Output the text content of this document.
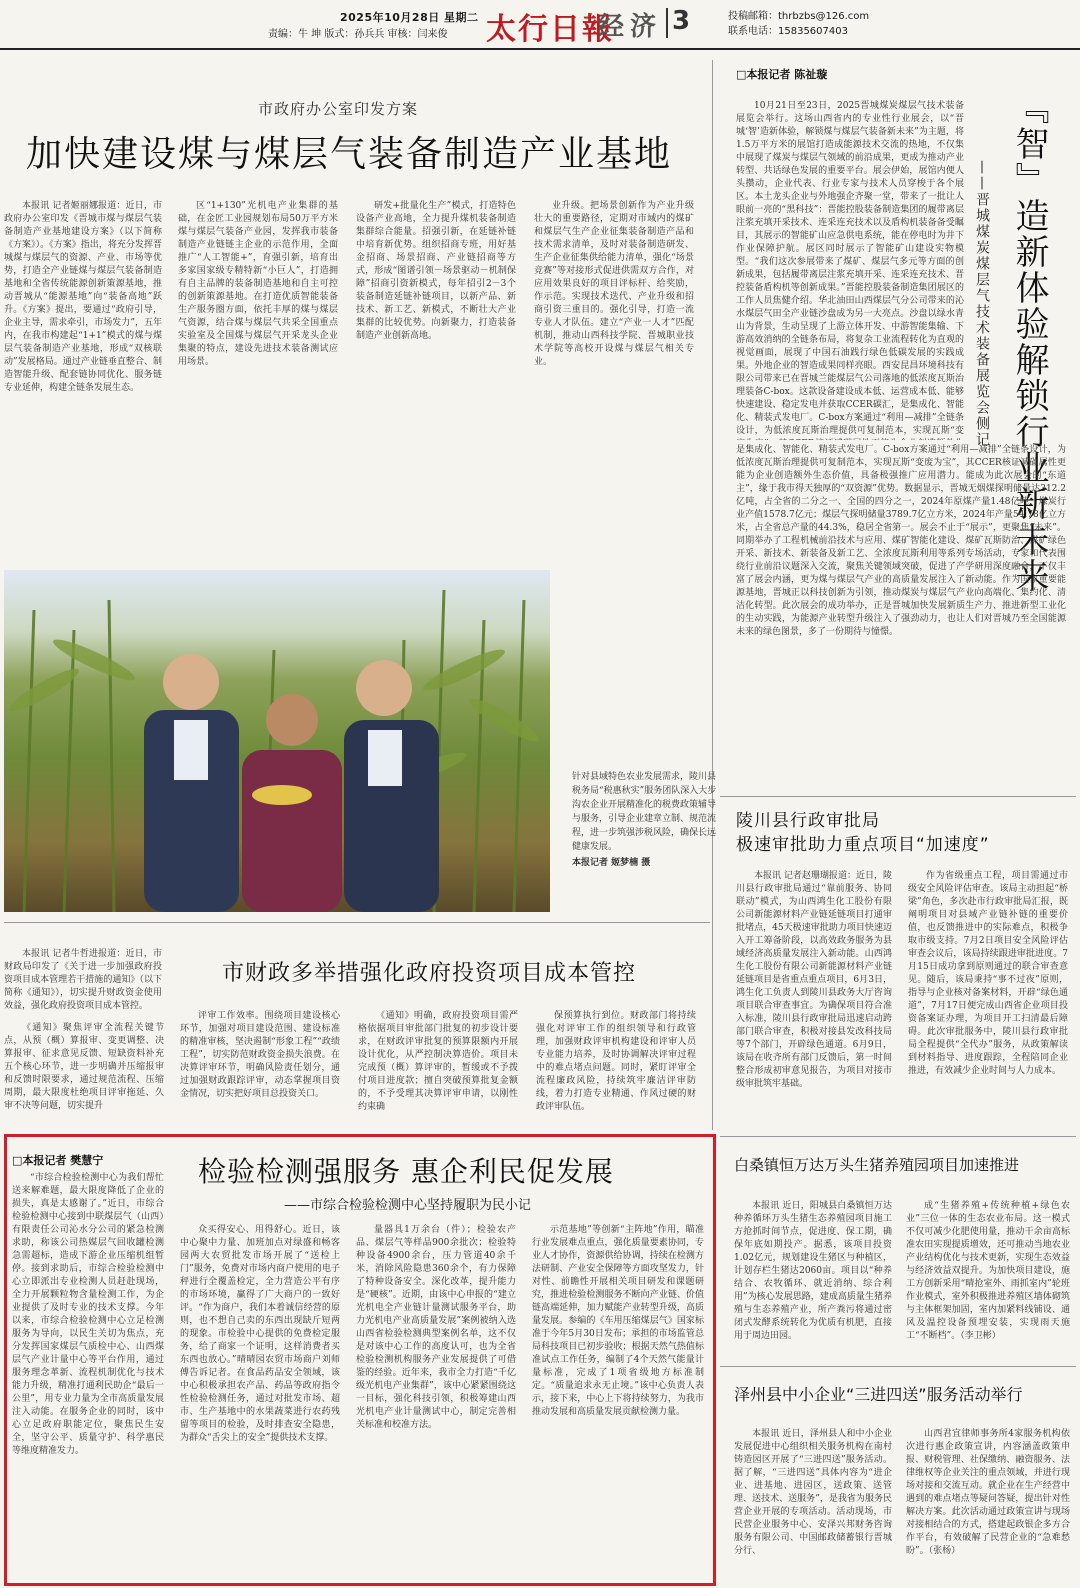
2025年10月28日 星期二
责编：牛 坤 版式：孙兵兵 审核：闫来俊 太行日報
经济 3	投稿邮箱：thrbzbs@126.com
联系电话：15835607403
市政府办公室印发方案
加快建设煤与煤层气装备制造产业基地

本报讯 记者姬丽娜报道：近日，市政府办公室印发《晋城市煤与煤层气装备制造产业基地建设方案》（以下简称《方案》）。《方案》指出，将充分发挥晋城煤与煤层气的资源、产业、市场等优势，打造全产业链煤与煤层气装备制造基地和全省传统能源创新策源基地，推动晋城从“能源基地”向“装备高地”跃升。《方案》提出，要通过“政府引导，企业主导，需求牵引，市场发力”，五年内，在我市构建起“1+1”模式的煤与煤层气装备制造产业基地，形成“双核联动”发展格局。通过产业链垂直整合、制造智能升级、配套链协同优化、服务链专业延伸，构建全链条发展生态。

区“1+130”光机电产业集群的基础，在金匠工业园规划布局50万平方米煤与煤层气装备产业园，发挥我市装备制造产业链链主企业的示范作用，全面推广“人工智能+”，育强引新，培育出多家国家级专精特新“小巨人”，打造拥有自主品牌的装备制造基地和自主可控的创新策源基地。在打造优质智能装备生产服务圈方面，依托丰厚的煤与煤层气资源，结合煤与煤层气共采全国重点实验室及全国煤与煤层气开采龙头企业集聚的特点，建设先进技术装备测试应用场景。

研发+批量化生产”模式，打造特色设备产业高地，全力提升煤机装备制造集群综合能量。招强引新，在延链补链中培育新优势。组织招商专班，用好基金招商、场景招商、产业链招商等方式，形成“图谱引领－场景驱动－机制保障”招商引资新模式，每年招引2－3个装备制造延链补链项目，以新产品、新技术、新工艺、新模式，不断壮大产业集群的比较优势。向新聚力，打造装备制造产业创新高地。

业升级。把场景创新作为产业升级壮大的重要路径，定期对市域内的煤矿和煤层气生产企业征集装备制造产品和技术需求清单，及时对装备制造研发、生产企业征集供给能力清单，强化“场景竞赛”等对接形式促进供需双方合作，对应用效果良好的项目评标杆、给奖励，作示范。实现技术迭代、产业升级和招商引资三重目的。强化引导，打造一流专业人才队伍。建立“产业一人才”匹配机制，推动山西科技学院、晋城职业技术学院等高校开设煤与煤层气相关专业。

针对县域特色农业发展需求，陵川县税务局“税惠秋实”服务团队深入大步沟农企业开展精准化的税费政策辅导与服务，引导企业建章立制、规范流程，进一步筑强涉税风险，确保长远健康发展。
本报记者 姬梦楠 摄
□本报记者 陈祉璇
『智』造新体验解锁行业新未来
——晋城煤炭煤层气技术装备展览会侧记

10月21日至23日，2025晋城煤炭煤层气技术装备展览会举行。这场山西省内的专业性行业展会，以“晋城‘智’造新体验，解锁煤与煤层气装备新未来”为主题，将1.5万平方米的展馆打造成能源技术交流的热地，不仅集中展现了煤炭与煤层气领域的前沿成果，更成为推动产业转型、共话绿色发展的重要平台。展会伊始，展馆内便人头攒动，企业代表、行业专家与技术人员穿梭于各个展区。本土龙头企业与外地强企齐聚一堂，带来了一批让人眼前一亮的“黑科技”：晋能控股装备制造集团的履带离层注浆充填开采技术、连采连充技术以及盾构机装备备受瞩目，其展示的智能矿山应急供电系统，能在停电时为井下作业保障护航。展区同时展示了智能矿山建设实物模型。“我们这次参展带来了煤矿、煤层气多元等方面的创新成果，包括履带离层注浆充填开采、连采连充技术、晋控装备盾构机等创新成果。”晋能控股装备制造集团展区的工作人员焦健介绍。华北油田山西煤层气分公司带来的沁水煤层气田全产业链沙盘成为另一大亮点。沙盘以绿水青山为背景，生动呈现了上游立体开发、中游智能集输、下游高效消纳的全链条布局，将复杂工业流程转化为直观的视觉画面，展现了中国石油践行绿色低碳发展的实践成果。外地企业的智造成果同样亮眼。西安昆昌环境科技有限公司带来已在晋城兰能煤层气公司落地的低浓度瓦斯治理装备C-box。这款设备建设成本低、运营成本低、能够快速建设、稳定发电并获取CCER碳汇，是集成化、智能化、精装式发电厂。C-box方案通过“利用—减排”全链条设计，为低浓度瓦斯治理提供可复制范本，实现瓦斯“变

是集成化、智能化、精装式发电厂。C-box方案通过“利用—减排”全链条设计，为低浓度瓦斯治理提供可复制范本，实现瓦斯“变废为宝”，其CCER核证减碳属性更能为企业创造额外生态价值，具备极强推广应用潜力。能成为此次展会的“东道主”，缘于我市得天独厚的“双资源”优势。数据显示，晋城无烟煤探明储量达312.2亿吨，占全省的二分之一、全国的四分之一，2024年原煤产量1.48亿吨，煤炭行业产值1578.7亿元；煤层气探明储量3789.7亿立方米，2024年产量54.78亿立方米，占全省总产量的44.3%，稳居全省第一。展会不止于“展示”，更聚焦“未来”。同期举办了工程机械前沿技术与应用、煤矿智能化建设、煤矿瓦斯防治、煤矿绿色开采、新技术、新装备及新工艺、全浓度瓦斯利用等系列专场活动，专家和代表围绕行业前沿议题深入交流，聚焦关键领域突破，促进了产学研用深度融合，不仅丰富了展会内涵，更为煤与煤层气产业的高质量发展注入了新动能。作为国家重要能源基地，晋城正以科技创新为引领，推动煤炭与煤层气产业向高端化、集约化、清洁化转型。此次展会的成功举办，正是晋城加快发展新质生产力、推进新型工业化的生动实践，为能源产业转型升级注入了强劲动力，也让人们对晋城乃至全国能源未来的绿色图景，多了一份期待与憧憬。

陵川县行政审批局
极速审批助力重点项目“加速度”

本报讯 记者赵珊瑚报道：近日，陵川县行政审批局通过“靠前服务、协同联动”模式，为山西鸿生化工股份有限公司新能源材料产业链延链项目打通审批堵点，45天极速审批助力项目快速迈入开工筹备阶段，以高效政务服务为县域经济高质量发展注入新动能。山西鸿生化工股份有限公司新能源材料产业链延链项目是省重点重点项目，6月3日，鸿生化工负责人到陵川县政务大厅咨询项目联合审查事宜。为确保项目符合准入标准，陵川县行政审批局迅速启动跨部门联合审查，积极对接县发改科技局等7个部门，开辟绿色通道。6月9日，该局在收齐所有部门反馈后，第一时间整合形成初审意见报告，为项目对接市级审批筑牢基础。

作为省级重点工程，项目需通过市级安全风险评估审查。该局主动担起“桥梁”角色，多次赴市行政审批局汇报，既阐明项目对县域产业链补链的重要价值，也反馈推进中的实际难点，积极争取市级支持。7月2日项目安全风险评估审查会议后，该局持续跟进审批进度。7月15日成功拿到原则通过的联合审查意见。随后，该局秉持“事不过夜”原则，指导与企业核对备案材料，开辟“绿色通道”，7月17日便完成山西省企业项目投资备案证办理，为项目开工扫清最后障碍。此次审批服务中，陵川县行政审批局全程提供“全代办”服务，从政策解读到材料指导、进度跟踪，全程陪同企业推进，有效减少企业时间与人力成本。

本报讯 记者牛哲进报道：近日，市财政局印发了《关于进一步加强政府投资项目成本管理若干措施的通知》（以下简称《通知》），切实提升财政资金使用效益，强化政府投资项目成本管控。

市财政多举措强化政府投资项目成本管控

《通知》聚焦评审全流程关键节点，从预（概）算报审、变更调整、决算报审、征求意见反馈、短缺资料补充五个核心环节，进一步明确并压缩报审和反馈时限要求，通过规范流程、压缩周期，最大限度杜绝项目评审拖延、久审不决等问题，切实提升

评审工作效率。围绕项目建设核心环节，加强对项目建设范围、建设标准的精准审核，坚决遏制“形象工程”“政绩工程”，切实防范财政资金损失浪费。在决算评审环节，明确风险责任划分，通过加强财政跟踪评审，动态掌握项目资金情况，切实把好项目总投资关口。

《通知》明确，政府投资项目需严格依据项目审批部门批复的初步设计要求，在财政评审批复的预算限额内开展设计优化，从严控制决算造价。项目未完成预（概）算评审的，暂缓或不予拨付项目进度款；擅自突破预算批复金额的，不予受理其决算评审申请，以刚性约束确

保预算执行到位。财政部门将持续强化对评审工作的组织领导和行政管理，加强财政评审机构建设和评审人员专业能力培养，及时协调解决评审过程中的难点堵点问题。同时，紧盯评审全流程廉政风险，持续筑牢廉洁评审防线，着力打造专业精通、作风过硬的财政评审队伍。

□本报记者 樊慧宁	检验检测强服务 惠企利民促发展
——市综合检验检测中心坚持履职为民小记

“市综合检验检测中心为我们帮忙送来解难题，最大限度降低了企业的损失，真是太感谢了。”近日，市综合检验检测中心接到中联煤层气（山西）有限责任公司沁水分公司的紧急检测求助，称该公司热媒层气回收罐检测急需超标，造成下游企业压缩机组暂停。接到求助后，市综合检验检测中心立即派出专业检测人员赶赴现场，全力开展颗粒物含量检测工作，为企业提供了及时专业的技术支撑。今年以来，市综合检验检测中心立足检测服务为导向，以民生关切为焦点，充分发挥国家煤层气质检中心、山西煤层气产业计量中心等平台作用，通过服务理念革新、流程机制优化与技术能力升级，精准打通利民助企“最后一公里”，用专业力量为全市高质量发展注入动能。在服务企业的同时，该中心立足政府职能定位，聚焦民生安全，坚守公平、质量守护、科学惠民等维度精准发力。

众买得安心、用得舒心。近日，该中心聚中力量、加班加点对绿盛和畅客园两大农贸批发市场开展了“送检上门”服务，免费对市场内商户使用的电子秤进行全覆盖检定，全力营造公平有序的市场环境，赢得了广大商户的一致好评。“作为商户，我们本着诚信经营的原则，也不想自己卖的东西出现缺斤短两的现象。市检验中心提供的免费检定服务，给了商家一个证明，这样消费者买东西也放心。”晴晴园农贸市场商户刘师傅告诉记者。在食品药品安全领域，该中心积极承担农产品、药品等政府指令性检验检测任务，通过对批发市场、超市、生产基地中的水果蔬菜进行农药残留等项目的检验，及时排查安全隐患，为群众“舌尖上的安全”提供技术支撑。

量器具1万余台（件）；检验农产品、煤层气等样品900余批次；检验特种设备4900余台，压力管道40余千米，消除风险隐患360余个，有力保障了特种设备安全。深化改革，提升能力是“硬核”。近期，由该中心申报的“建立光机电全产业链计量测试服务平台，助力光机电产业高质量发展”案例被纳入选山西省检验检测典型案例名单，这不仅是对该中心工作的高度认可，也为全省检验检测机构服务产业发展提供了可借鉴的经验。近年来，我市全力打造“千亿级光机电产业集群”，该中心紧紧围绕这一目标，强化科技引领，积极筹建山西光机电产业计量测试中心，制定完善相关标准和校准方法。

示范基地”等创新“主阵地”作用，瞄准行业发展难点重点，强化质量要素协同，专业人才协作，资源供给协调，持续在检测方法研制、产业安全保障等方面攻坚发力，针对性、前瞻性开展相关项目研发和课题研究，推进检验检测服务不断向产业链、价值链高端延伸，加力赋能产业转型升级，高质量发展。参编的《车用压缩煤层气》国家标准于今年5月30日发布；承担的市场监管总局科技项目已初步验收；根据天然气热值标准试点工作任务，编制了4个天然气能量计量标准，完成了1项省级地方标准制定。“质量追求永无止境。”该中心负责人表示，接下来，中心上下将持续努力，为我市推动发展和高质量发展贡献检测力量。

白桑镇恒万达万头生猪养殖园项目加速推进

本报讯 近日，阳城县白桑镇恒万达种养循环万头生猪生态养殖园项目施工方抢抓时间节点，促进度、保工期，确保年底如期投产。据悉，该项目投资1.02亿元，规划建设生猪区与种植区，计划存栏生猪达2060亩。项目以“种养结合、农牧循环、就近消纳、综合利用”为核心发展思路，建成高质量生猪养殖与生态养殖产业，所产粪污将通过密闭式发酵系统转化为优质有机肥，直接用于周边田园。

成“生猪养殖+传统种植+绿色农业”三位一体的生态农业布局。这一模式不仅可减少化肥使用量，推动干余亩高标准农田实现提质增效，还可推动当地农业产业结构优化与技术更新，实现生态效益与经济效益双提升。为加快项目建设，施工方创新采用“晴抢室外、雨抓室内”轮班作业模式，室外积极推进养殖区墙体砌筑与主体框架加固，室内加紧料线铺设、通风及温控设备预埋安装，实现雨天施工“不断档”。（李卫彬）

泽州县中小企业“三进四送”服务活动举行

本报讯 近日，泽州县人和中小企业发展促进中心组织相关服务机构在南村铸造园区开展了“三进四送”服务活动。据了解，“三进四送”具体内容为“进企业、进基地、进园区，送政策、送管理、送技术、送服务”，是我省为服务民营企业开展的专项活动。活动现场，市民营企业服务中心、安泽兴邦财务咨询服务有限公司、中国邮政储蓄银行晋城分行、

山西君宜律师事务所4家服务机构依次进行惠企政策宣讲，内容涵盖政策申报、财税管理、社保缴纳、融资服务、法律维权等企业关注的重点领域，并进行现场对接和交流互动。就企业在生产经营中遇到的难点堵点等疑问答疑，提出针对性解决方案。此次活动通过政策宣讲与现场对接相结合的方式，搭建起政银企多方合作平台，有效破解了民营企业的“急难愁盼”。（张杨）
